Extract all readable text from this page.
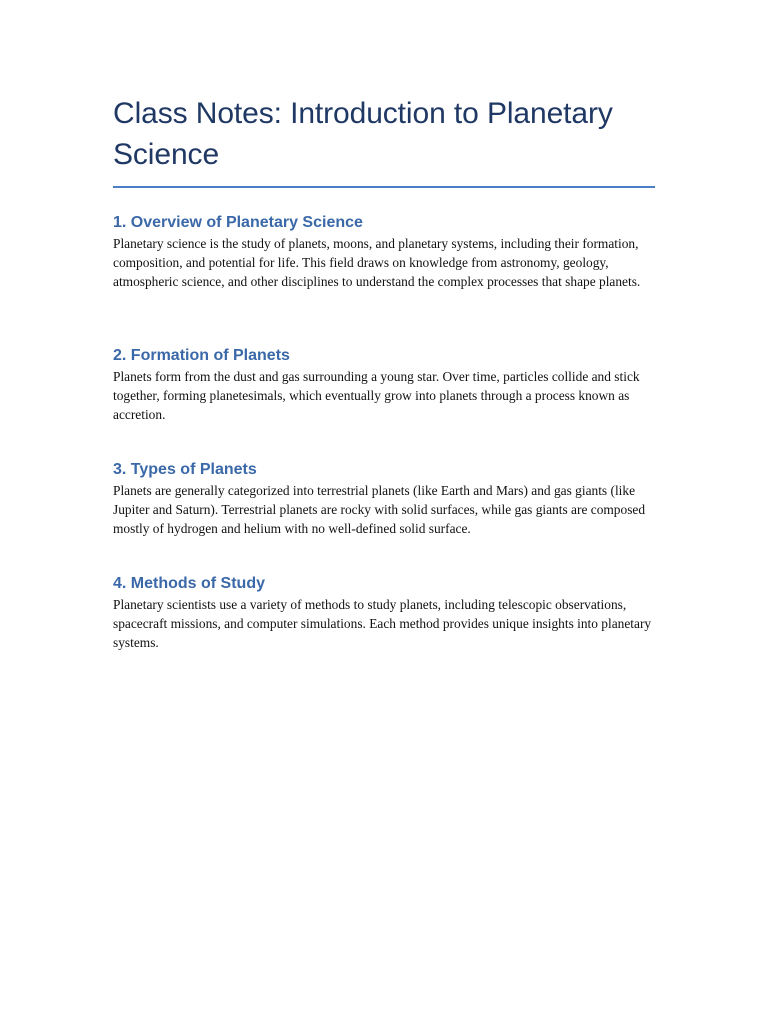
Class Notes: Introduction to Planetary
Science
1. Overview of Planetary Science

Planetary science is the study of planets, moons, and planetary systems, including their formation, composition, and potential for life. This field draws on knowledge from astronomy, geology, atmospheric science, and other disciplines to understand the complex processes that shape planets.

2. Formation of Planets

Planets form from the dust and gas surrounding a young star. Over time, particles collide and stick together, forming planetesimals, which eventually grow into planets through a process known as accretion.

3. Types of Planets

Planets are generally categorized into terrestrial planets (like Earth and Mars) and gas giants (like Jupiter and Saturn). Terrestrial planets are rocky with solid surfaces, while gas giants are composed mostly of hydrogen and helium with no well-defined solid surface.

4. Methods of Study

Planetary scientists use a variety of methods to study planets, including telescopic observations, spacecraft missions, and computer simulations. Each method provides unique insights into planetary systems.
